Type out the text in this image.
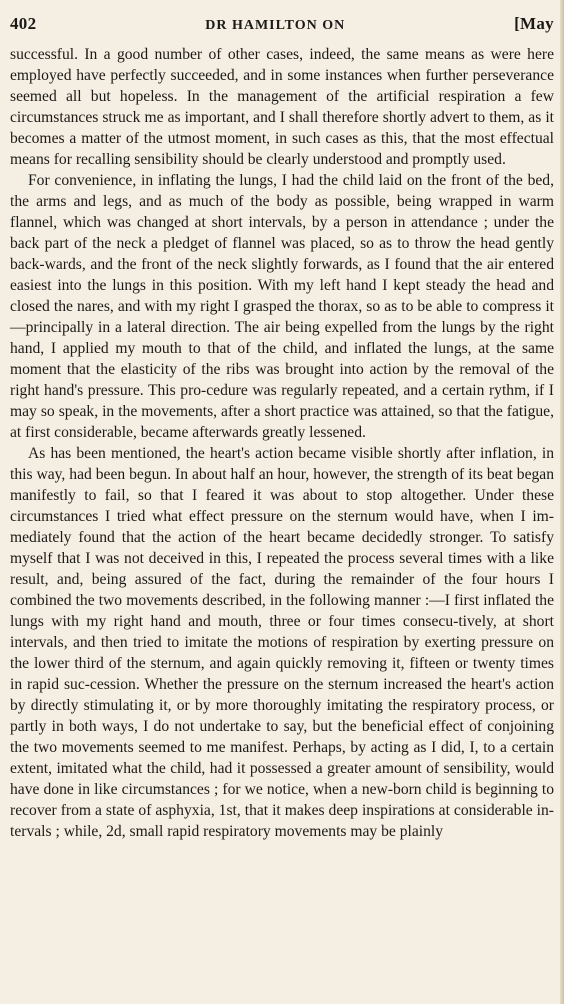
402	DR HAMILTON ON	[May

successful. In a good number of other cases, indeed, the same means as were here employed have perfectly succeeded, and in some instances when further perseverance seemed all but hopeless. In the management of the artificial respiration a few circumstances struck me as important, and I shall therefore shortly advert to them, as it becomes a matter of the utmost moment, in such cases as this, that the most effectual means for recalling sensibility should be clearly understood and promptly used.

For convenience, in inflating the lungs, I had the child laid on the front of the bed, the arms and legs, and as much of the body as possible, being wrapped in warm flannel, which was changed at short intervals, by a person in attendance ; under the back part of the neck a pledget of flannel was placed, so as to throw the head gently back-wards, and the front of the neck slightly forwards, as I found that the air entered easiest into the lungs in this position. With my left hand I kept steady the head and closed the nares, and with my right I grasped the thorax, so as to be able to compress it—principally in a lateral direction. The air being expelled from the lungs by the right hand, I applied my mouth to that of the child, and inflated the lungs, at the same moment that the elasticity of the ribs was brought into action by the removal of the right hand's pressure. This pro-cedure was regularly repeated, and a certain rythm, if I may so speak, in the movements, after a short practice was attained, so that the fatigue, at first considerable, became afterwards greatly lessened.

As has been mentioned, the heart's action became visible shortly after inflation, in this way, had been begun. In about half an hour, however, the strength of its beat began manifestly to fail, so that I feared it was about to stop altogether. Under these circumstances I tried what effect pressure on the sternum would have, when I im-mediately found that the action of the heart became decidedly stronger. To satisfy myself that I was not deceived in this, I repeated the process several times with a like result, and, being assured of the fact, during the remainder of the four hours I combined the two movements described, in the following manner :—I first inflated the lungs with my right hand and mouth, three or four times consecu-tively, at short intervals, and then tried to imitate the motions of respiration by exerting pressure on the lower third of the sternum, and again quickly removing it, fifteen or twenty times in rapid suc-cession. Whether the pressure on the sternum increased the heart's action by directly stimulating it, or by more thoroughly imitating the respiratory process, or partly in both ways, I do not undertake to say, but the beneficial effect of conjoining the two movements seemed to me manifest. Perhaps, by acting as I did, I, to a certain extent, imitated what the child, had it possessed a greater amount of sensibility, would have done in like circumstances ; for we notice, when a new-born child is beginning to recover from a state of asphyxia, 1st, that it makes deep inspirations at considerable in-tervals ; while, 2d, small rapid respiratory movements may be plainly
